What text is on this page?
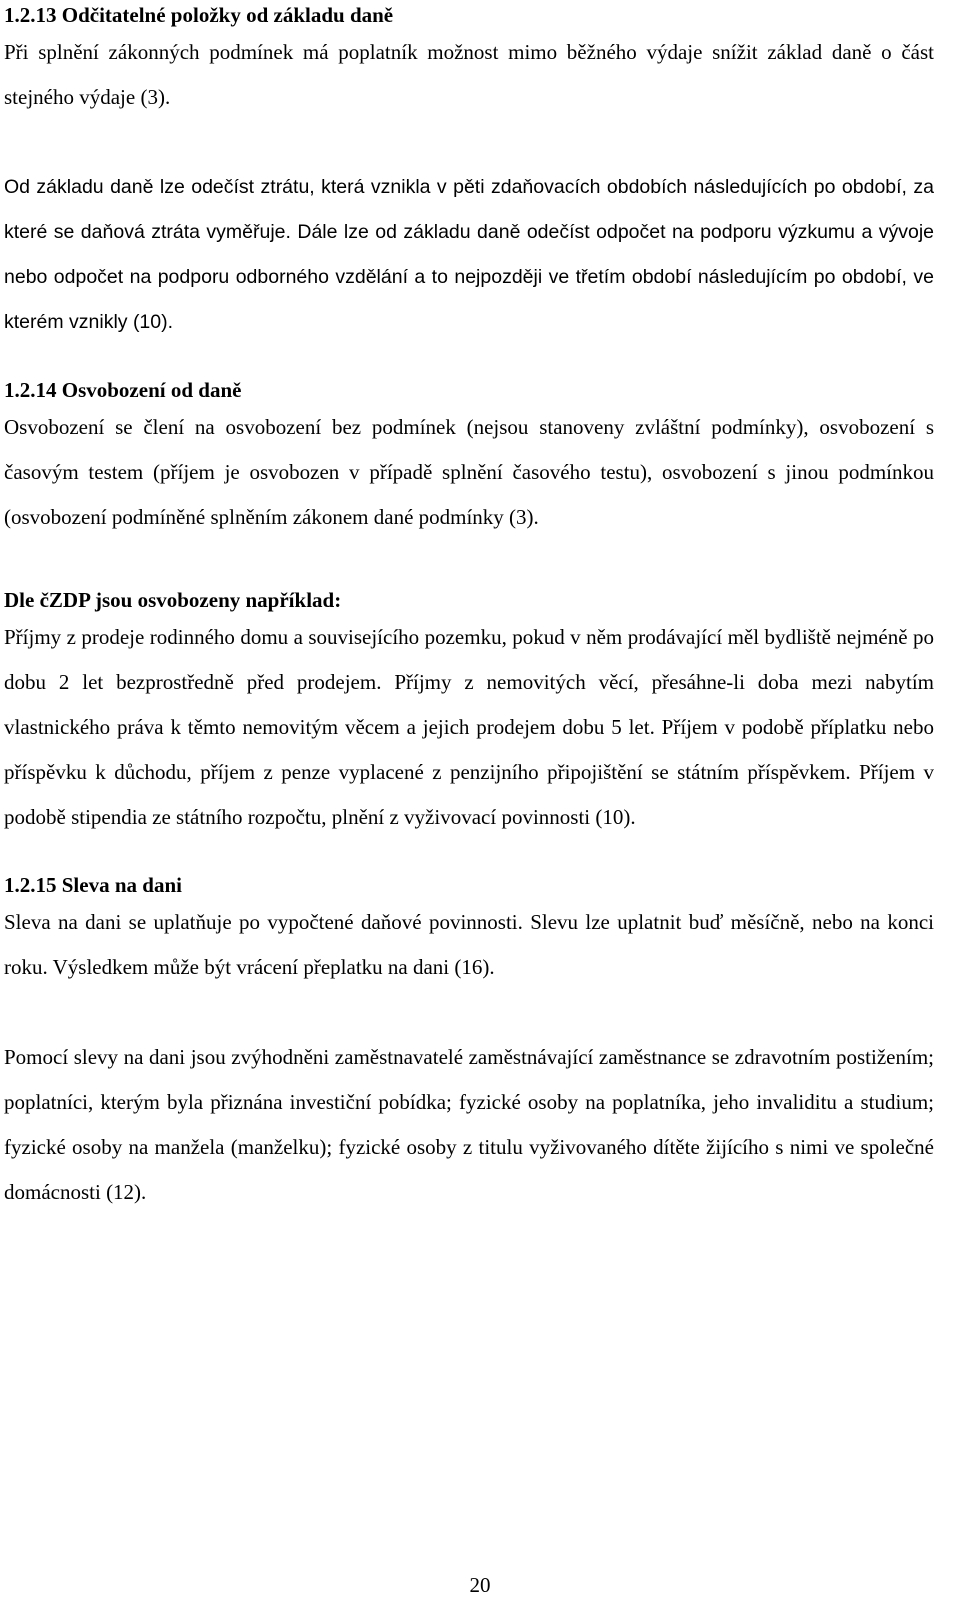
1.2.13 Odčitatelné položky od základu daně

Při splnění zákonných podmínek má poplatník možnost mimo běžného výdaje snížit základ daně o část stejného výdaje (3).

Od základu daně lze odečíst ztrátu, která vznikla v pěti zdaňovacích obdobích následujících po období, za které se daňová ztráta vyměřuje. Dále lze od základu daně odečíst odpočet na podporu výzkumu a vývoje nebo odpočet na podporu odborného vzdělání a to nejpozději ve třetím období následujícím po období, ve kterém vznikly (10).

1.2.14 Osvobození od daně

Osvobození se člení na osvobození bez podmínek (nejsou stanoveny zvláštní podmínky), osvobození s časovým testem (příjem je osvobozen v případě splnění časového testu), osvobození s jinou podmínkou (osvobození podmíněné splněním zákonem dané podmínky (3).

Dle čZDP jsou osvobozeny například:

Příjmy z prodeje rodinného domu a souvisejícího pozemku, pokud v něm prodávající měl bydliště nejméně po dobu 2 let bezprostředně před prodejem. Příjmy z nemovitých věcí, přesáhne-li doba mezi nabytím vlastnického práva k těmto nemovitým věcem a jejich prodejem dobu 5 let. Příjem v podobě příplatku nebo příspěvku k důchodu, příjem z penze vyplacené z penzijního připojištění se státním příspěvkem. Příjem v podobě stipendia ze státního rozpočtu, plnění z vyživovací povinnosti (10).

1.2.15 Sleva na dani

Sleva na dani se uplatňuje po vypočtené daňové povinnosti. Slevu lze uplatnit buď měsíčně, nebo na konci roku. Výsledkem může být vrácení přeplatku na dani (16).

Pomocí slevy na dani jsou zvýhodněni zaměstnavatelé zaměstnávající zaměstnance se zdravotním postižením; poplatníci, kterým byla přiznána investiční pobídka; fyzické osoby na poplatníka, jeho invaliditu a studium; fyzické osoby na manžela (manželku); fyzické osoby z titulu vyživovaného dítěte žijícího s nimi ve společné domácnosti (12).

20
